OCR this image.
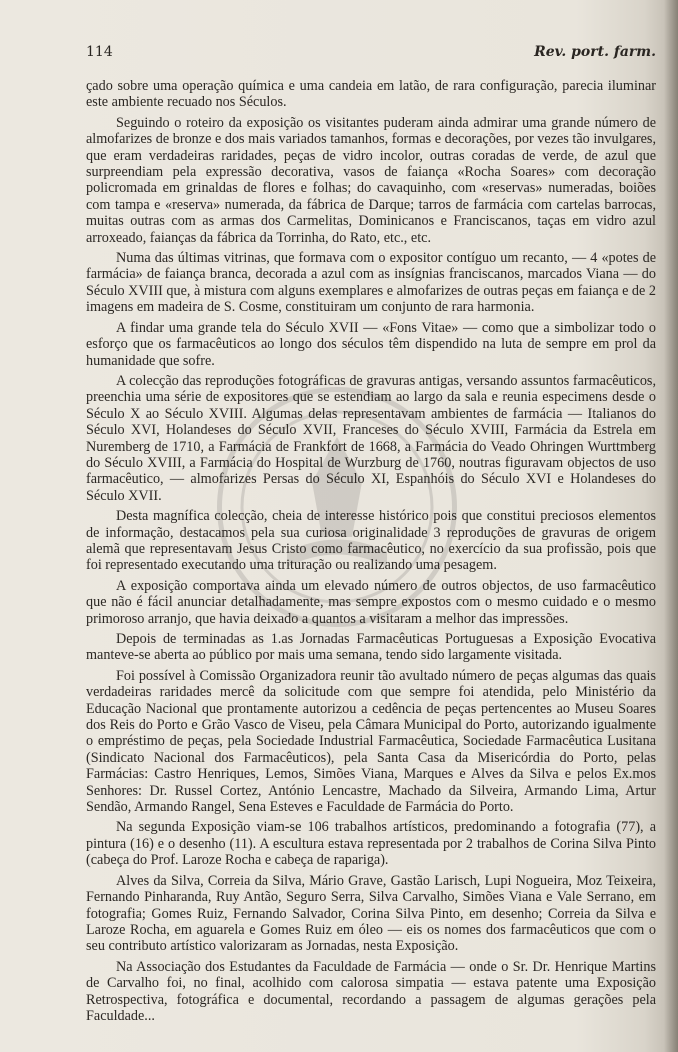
114	Rev. port. farm.

çado sobre uma operação química e uma candeia em latão, de rara configuração, parecia iluminar este ambiente recuado nos Séculos.

Seguindo o roteiro da exposição os visitantes puderam ainda admirar uma grande número de almofarizes de bronze e dos mais variados tamanhos, formas e decorações, por vezes tão invulgares, que eram verdadeiras raridades, peças de vidro incolor, outras coradas de verde, de azul que surpreendiam pela expressão decorativa, vasos de faiança «Rocha Soares» com decoração policromada em grinaldas de flores e folhas; do cavaquinho, com «reservas» numeradas, boiões com tampa e «reserva» numerada, da fábrica de Darque; tarros de farmácia com cartelas barrocas, muitas outras com as armas dos Carmelitas, Dominicanos e Franciscanos, taças em vidro azul arroxeado, faianças da fábrica da Torrinha, do Rato, etc., etc.

Numa das últimas vitrinas, que formava com o expositor contíguo um recanto, — 4 «potes de farmácia» de faiança branca, decorada a azul com as insígnias franciscanos, marcados Viana — do Século XVIII que, à mistura com alguns exemplares e almofarizes de outras peças em faiança e de 2 imagens em madeira de S. Cosme, constituiram um conjunto de rara harmonia.

A findar uma grande tela do Século XVII — «Fons Vitae» — como que a simbolizar todo o esforço que os farmacêuticos ao longo dos séculos têm dispendido na luta de sempre em prol da humanidade que sofre.

A colecção das reproduções fotográficas de gravuras antigas, versando assuntos farmacêuticos, preenchia uma série de expositores que se estendiam ao largo da sala e reunia especimens desde o Século X ao Século XVIII. Algumas delas representavam ambientes de farmácia — Italianos do Século XVI, Holandeses do Século XVII, Franceses do Século XVIII, Farmácia da Estrela em Nuremberg de 1710, a Farmácia de Frankfort de 1668, a Farmácia do Veado Ohringen Wurttmberg do Século XVIII, a Farmácia do Hospital de Wurzburg de 1760, noutras figuravam objectos de uso farmacêutico, — almofarizes Persas do Século XI, Espanhóis do Século XVI e Holandeses do Século XVII.

Desta magnífica colecção, cheia de interesse histórico pois que constitui preciosos elementos de informação, destacamos pela sua curiosa originalidade 3 reproduções de gravuras de origem alemã que representavam Jesus Cristo como farmacêutico, no exercício da sua profissão, pois que foi representado executando uma trituração ou realizando uma pesagem.

A exposição comportava ainda um elevado número de outros objectos, de uso farmacêutico que não é fácil anunciar detalhadamente, mas sempre expostos com o mesmo cuidado e o mesmo primoroso arranjo, que havia deixado a quantos a visitaram a melhor das impressões.

Depois de terminadas as 1.as Jornadas Farmacêuticas Portuguesas a Exposição Evocativa manteve-se aberta ao público por mais uma semana, tendo sido largamente visitada.

Foi possível à Comissão Organizadora reunir tão avultado número de peças algumas das quais verdadeiras raridades mercê da solicitude com que sempre foi atendida, pelo Ministério da Educação Nacional que prontamente autorizou a cedência de peças pertencentes ao Museu Soares dos Reis do Porto e Grão Vasco de Viseu, pela Câmara Municipal do Porto, autorizando igualmente o empréstimo de peças, pela Sociedade Industrial Farmacêutica, Sociedade Farmacêutica Lusitana (Sindicato Nacional dos Farmacêuticos), pela Santa Casa da Misericórdia do Porto, pelas Farmácias: Castro Henriques, Lemos, Simões Viana, Marques e Alves da Silva e pelos Ex.mos Senhores: Dr. Russel Cortez, António Lencastre, Machado da Silveira, Armando Lima, Artur Sendão, Armando Rangel, Sena Esteves e Faculdade de Farmácia do Porto.

Na segunda Exposição viam-se 106 trabalhos artísticos, predominando a fotografia (77), a pintura (16) e o desenho (11). A escultura estava representada por 2 trabalhos de Corina Silva Pinto (cabeça do Prof. Laroze Rocha e cabeça de rapariga).

Alves da Silva, Correia da Silva, Mário Grave, Gastão Larisch, Lupi Nogueira, Moz Teixeira, Fernando Pinharanda, Ruy Antão, Seguro Serra, Silva Carvalho, Simões Viana e Vale Serrano, em fotografia; Gomes Ruiz, Fernando Salvador, Corina Silva Pinto, em desenho; Correia da Silva e Laroze Rocha, em aguarela e Gomes Ruiz em óleo — eis os nomes dos farmacêuticos que com o seu contributo artístico valorizaram as Jornadas, nesta Exposição.

Na Associação dos Estudantes da Faculdade de Farmácia — onde o Sr. Dr. Henrique Martins de Carvalho foi, no final, acolhido com calorosa simpatia — estava patente uma Exposição Retrospectiva, fotográfica e documental, recordando a passagem de algumas gerações pela Faculdade...
